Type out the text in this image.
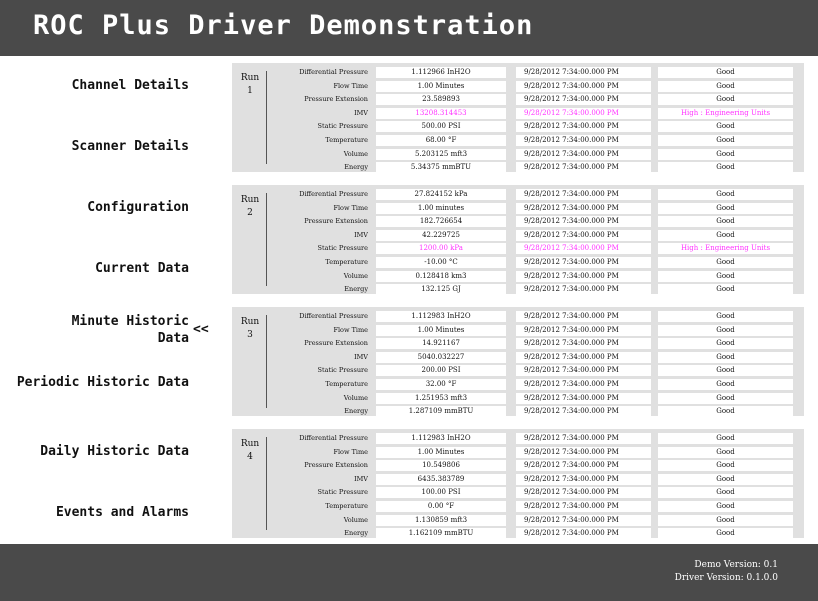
ROC Plus Driver Demonstration
Channel Details
Scanner Details
Configuration
Current Data
Minute Historic Data
<<
Periodic Historic Data
Daily Historic Data
Events and Alarms
Run
1
Differential Pressure	1.112966 InH2O	9/28/2012 7:34:00.000 PM	Good
Flow Time	1.00 Minutes	9/28/2012 7:34:00.000 PM	Good
Pressure Extension	23.589893	9/28/2012 7:34:00.000 PM	Good
IMV	13208.314453	9/28/2012 7:34:00.000 PM	High : Engineering Units
Static Pressure	500.00 PSI	9/28/2012 7:34:00.000 PM	Good
Temperature	68.00 °F	9/28/2012 7:34:00.000 PM	Good
Volume	5.203125 mft3	9/28/2012 7:34:00.000 PM	Good
Energy	5.34375 mmBTU	9/28/2012 7:34:00.000 PM	Good
Run
2
Differential Pressure	27.824152 kPa	9/28/2012 7:34:00.000 PM	Good
Flow Time	1.00 minutes	9/28/2012 7:34:00.000 PM	Good
Pressure Extension	182.726654	9/28/2012 7:34:00.000 PM	Good
IMV	42.229725	9/28/2012 7:34:00.000 PM	Good
Static Pressure	1200.00 kPa	9/28/2012 7:34:00.000 PM	High : Engineering Units
Temperature	-10.00 °C	9/28/2012 7:34:00.000 PM	Good
Volume	0.128418 km3	9/28/2012 7:34:00.000 PM	Good
Energy	132.125 GJ	9/28/2012 7:34:00.000 PM	Good
Run
3
Differential Pressure	1.112983 InH2O	9/28/2012 7:34:00.000 PM	Good
Flow Time	1.00 Minutes	9/28/2012 7:34:00.000 PM	Good
Pressure Extension	14.921167	9/28/2012 7:34:00.000 PM	Good
IMV	5040.032227	9/28/2012 7:34:00.000 PM	Good
Static Pressure	200.00 PSI	9/28/2012 7:34:00.000 PM	Good
Temperature	32.00 °F	9/28/2012 7:34:00.000 PM	Good
Volume	1.251953 mft3	9/28/2012 7:34:00.000 PM	Good
Energy	1.287109 mmBTU	9/28/2012 7:34:00.000 PM	Good
Run
4
Differential Pressure	1.112983 InH2O	9/28/2012 7:34:00.000 PM	Good
Flow Time	1.00 Minutes	9/28/2012 7:34:00.000 PM	Good
Pressure Extension	10.549806	9/28/2012 7:34:00.000 PM	Good
IMV	6435.383789	9/28/2012 7:34:00.000 PM	Good
Static Pressure	100.00 PSI	9/28/2012 7:34:00.000 PM	Good
Temperature	0.00 °F	9/28/2012 7:34:00.000 PM	Good
Volume	1.130859 mft3	9/28/2012 7:34:00.000 PM	Good
Energy	1.162109 mmBTU	9/28/2012 7:34:00.000 PM	Good
Demo Version: 0.1
Driver Version: 0.1.0.0
